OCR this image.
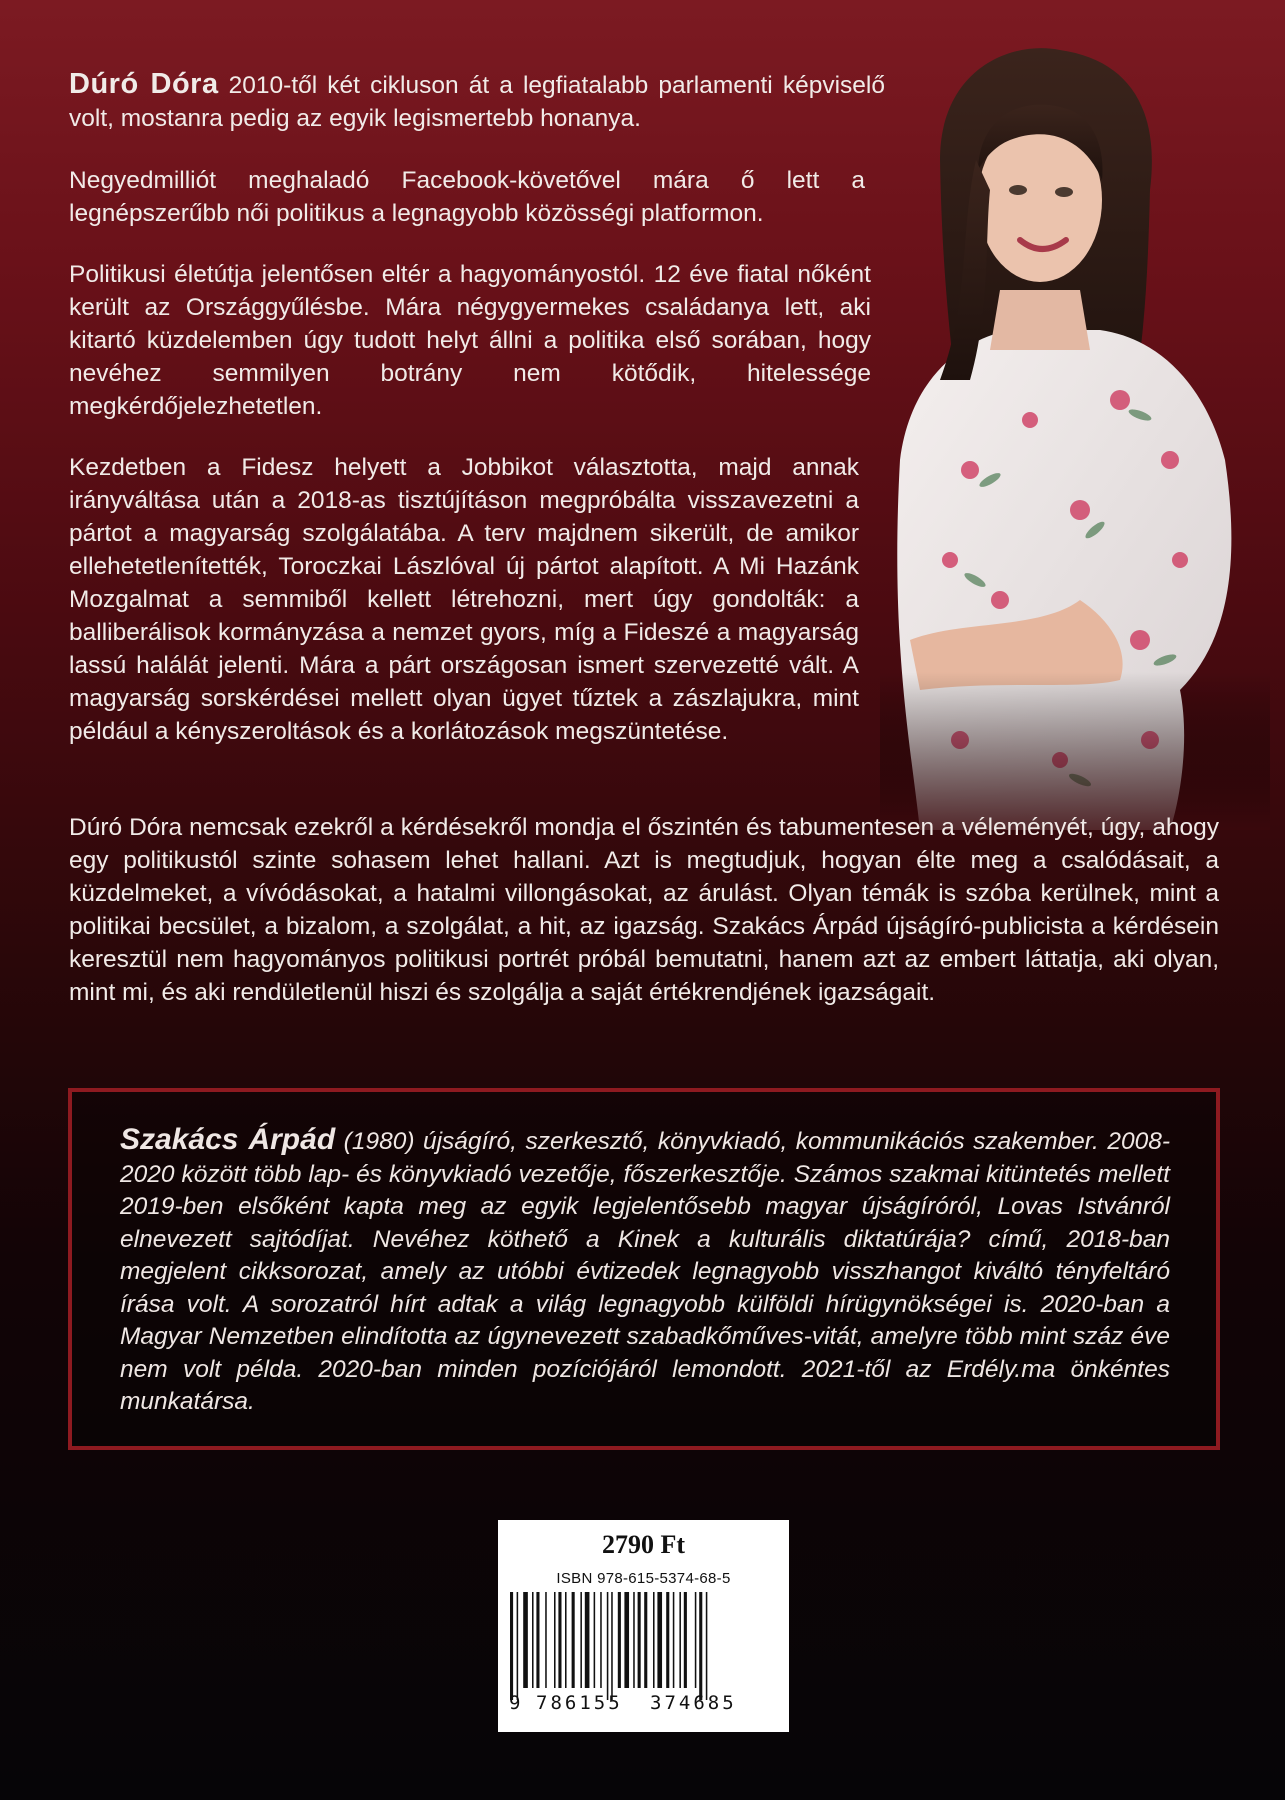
Dúró Dóra 2010-től két cikluson át a legfiatalabb parlamenti képviselő volt, mostanra pedig az egyik legismertebb honanya.

Negyedmilliót meghaladó Facebook-követővel mára ő lett a legnépszerűbb női politikus a legnagyobb közösségi platformon.

Politikusi életútja jelentősen eltér a hagyományostól. 12 éve fiatal nőként került az Országgyűlésbe. Mára négygyermekes családanya lett, aki kitartó küzdelemben úgy tudott helyt állni a politika első sorában, hogy nevéhez semmilyen botrány nem kötődik, hitelessége megkérdőjelezhetetlen.

Kezdetben a Fidesz helyett a Jobbikot választotta, majd annak irányváltása után a 2018-as tisztújításon megpróbálta visszavezetni a pártot a magyarság szolgálatába. A terv majdnem sikerült, de amikor ellehetetlenítették, Toroczkai Lászlóval új pártot alapított. A Mi Hazánk Mozgalmat a semmiből kellett létrehozni, mert úgy gondolták: a balliberálisok kormányzása a nemzet gyors, míg a Fideszé a magyarság lassú halálát jelenti. Mára a párt országosan ismert szervezetté vált. A magyarság sorskérdései mellett olyan ügyet tűztek a zászlajukra, mint például a kényszeroltások és a korlátozások megszüntetése.

Dúró Dóra nemcsak ezekről a kérdésekről mondja el őszintén és tabumentesen a véleményét, úgy, ahogy egy politikustól szinte sohasem lehet hallani. Azt is megtudjuk, hogyan élte meg a csalódásait, a küzdelmeket, a vívódásokat, a hatalmi villongásokat, az árulást. Olyan témák is szóba kerülnek, mint a politikai becsület, a bizalom, a szolgálat, a hit, az igazság. Szakács Árpád újságíró-publicista a kérdésein keresztül nem hagyományos politikusi portrét próbál bemutatni, hanem azt az embert láttatja, aki olyan, mint mi, és aki rendületlenül hiszi és szolgálja a saját értékrendjének igazságait.

Szakács Árpád (1980) újságíró, szerkesztő, könyvkiadó, kommunikációs szakember. 2008-2020 között több lap- és könyvkiadó vezetője, főszerkesztője. Számos szakmai kitüntetés mellett 2019-ben elsőként kapta meg az egyik legjelentősebb magyar újságíróról, Lovas Istvánról elnevezett sajtódíjat. Nevéhez köthető a Kinek a kulturális diktatúrája? című, 2018-ban megjelent cikksorozat, amely az utóbbi évtizedek legnagyobb visszhangot kiváltó tényfeltáró írása volt. A sorozatról hírt adtak a világ legnagyobb külföldi hírügynökségei is. 2020-ban a Magyar Nemzetben elindította az úgynevezett szabadkőműves-vitát, amelyre több mint száz éve nem volt példa. 2020-ban minden pozíciójáról lemondott. 2021-től az Erdély.ma önkéntes munkatársa.

2790 Ft
ISBN 978-615-5374-68-5
9 786155 374685
